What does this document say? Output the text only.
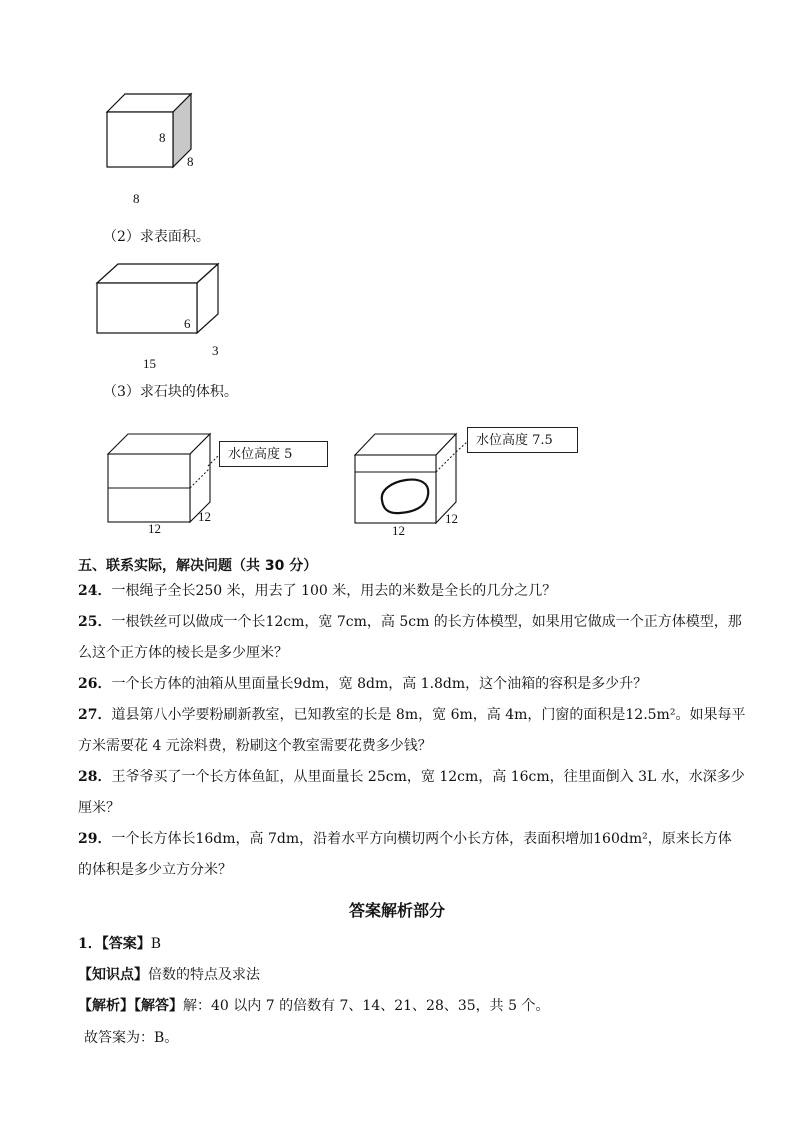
8
8
8
（2）求表面积。
6
3
15
（3）求石块的体积。
水位高度 5
12
12
水位高度 7.5
12
12
五、联系实际，解决问题（共 30 分）
24．一根绳子全长250 米，用去了 100 米，用去的米数是全长的几分之几？
25．一根铁丝可以做成一个长12cm，宽 7cm，高 5cm 的长方体模型，如果用它做成一个正方体模型，那
么这个正方体的棱长是多少厘米？
26．一个长方体的油箱从里面量长9dm，宽 8dm，高 1.8dm，这个油箱的容积是多少升？
27．道县第八小学要粉刷新教室，已知教室的长是 8m，宽 6m，高 4m，门窗的面积是12.5m²。如果每平
方米需要花 4 元涂料费，粉刷这个教室需要花费多少钱？
28．王爷爷买了一个长方体鱼缸，从里面量长 25cm，宽 12cm，高 16cm，往里面倒入 3L 水，水深多少
厘米？
29．一个长方体长16dm，高 7dm，沿着水平方向横切两个小长方体，表面积增加160dm²，原来长方体
的体积是多少立方分米？
答案解析部分
1．【答案】B
【知识点】倍数的特点及求法
【解析】【解答】解：40 以内 7 的倍数有 7、14、21、28、35，共 5 个。
故答案为：B。
